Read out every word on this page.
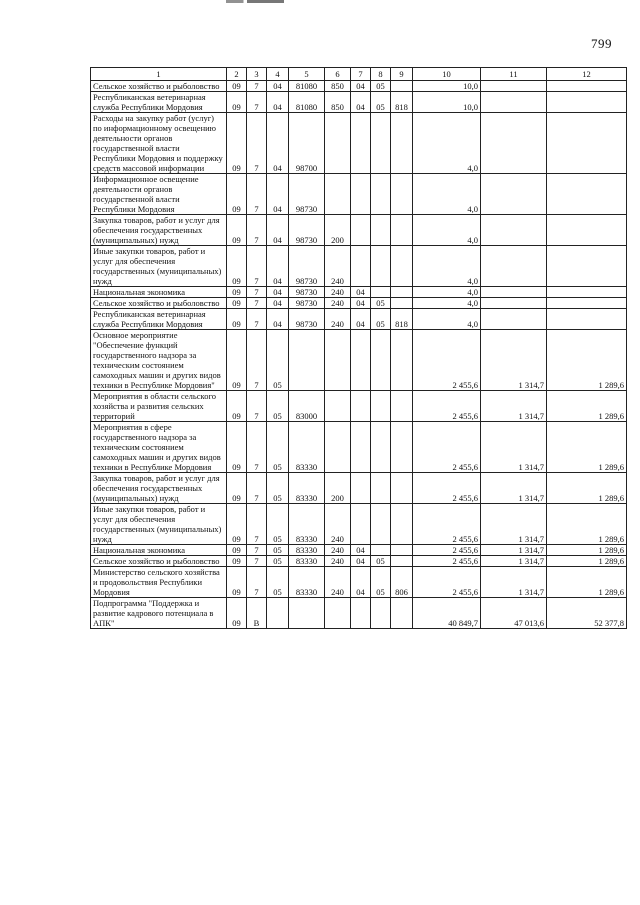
799
1	2	3	4	5	6	7	8	9	10	11	12
Сельское хозяйство и рыболовство	09	7	04	81080	850	04	05		10,0		
Республиканская ветеринарная служба Республики Мордовия	09	7	04	81080	850	04	05	818	10,0		
Расходы на закупку работ (услуг) по информационному освещению деятельности органов государственной власти Республики Мордовия и поддержку средств массовой информации	09	7	04	98700					4,0		
Информационное освещение деятельности органов государственной власти Республики Мордовия	09	7	04	98730					4,0		
Закупка товаров, работ и услуг для обеспечения государственных (муниципальных) нужд	09	7	04	98730	200				4,0		
Иные закупки товаров, работ и услуг для обеспечения государственных (муниципальных) нужд	09	7	04	98730	240				4,0		
Национальная экономика	09	7	04	98730	240	04			4,0		
Сельское хозяйство и рыболовство	09	7	04	98730	240	04	05		4,0		
Республиканская ветеринарная служба Республики Мордовия	09	7	04	98730	240	04	05	818	4,0		
Основное мероприятие "Обеспечение функций государственного надзора за техническим состоянием самоходных машин и других видов техники в Республике Мордовия"	09	7	05						2 455,6	1 314,7	1 289,6
Мероприятия в области сельского хозяйства и развития сельских территорий	09	7	05	83000					2 455,6	1 314,7	1 289,6
Мероприятия в сфере государственного надзора за техническим состоянием самоходных машин и других видов техники в Республике Мордовия	09	7	05	83330					2 455,6	1 314,7	1 289,6
Закупка товаров, работ и услуг для обеспечения государственных (муниципальных) нужд	09	7	05	83330	200				2 455,6	1 314,7	1 289,6
Иные закупки товаров, работ и услуг для обеспечения государственных (муниципальных) нужд	09	7	05	83330	240				2 455,6	1 314,7	1 289,6
Национальная экономика	09	7	05	83330	240	04			2 455,6	1 314,7	1 289,6
Сельское хозяйство и рыболовство	09	7	05	83330	240	04	05		2 455,6	1 314,7	1 289,6
Министерство сельского хозяйства и продовольствия Республики Мордовия	09	7	05	83330	240	04	05	806	2 455,6	1 314,7	1 289,6
Подпрограмма "Поддержка и развитие кадрового потенциала в АПК"	09	В							40 849,7	47 013,6	52 377,8
